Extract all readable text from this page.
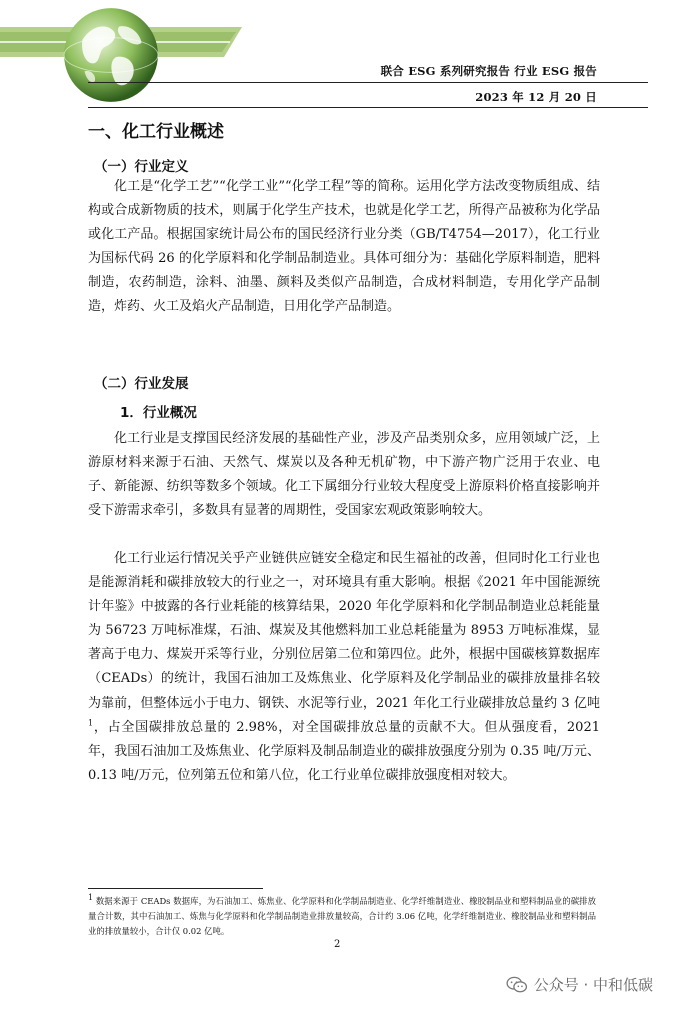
联合 ESG 系列研究报告 行业 ESG 报告
2023 年 12 月 20 日
一、化工行业概述
（一）行业定义

化工是“化学工艺”“化学工业”“化学工程”等的简称。运用化学方法改变物质组成、结构或合成新物质的技术，则属于化学生产技术，也就是化学工艺，所得产品被称为化学品或化工产品。根据国家统计局公布的国民经济行业分类（GB/T4754—2017），化工行业为国标代码 26 的化学原料和化学制品制造业。具体可细分为：基础化学原料制造，肥料制造，农药制造，涂料、油墨、颜料及类似产品制造，合成材料制造，专用化学产品制造，炸药、火工及焰火产品制造，日用化学产品制造。

（二）行业发展
1．行业概况

化工行业是支撑国民经济发展的基础性产业，涉及产品类别众多，应用领域广泛，上游原材料来源于石油、天然气、煤炭以及各种无机矿物，中下游产物广泛用于农业、电子、新能源、纺织等数多个领域。化工下属细分行业较大程度受上游原料价格直接影响并受下游需求牵引，多数具有显著的周期性，受国家宏观政策影响较大。

化工行业运行情况关乎产业链供应链安全稳定和民生福祉的改善，但同时化工行业也是能源消耗和碳排放较大的行业之一，对环境具有重大影响。根据《2021 年中国能源统计年鉴》中披露的各行业耗能的核算结果，2020 年化学原料和化学制品制造业总耗能量为 56723 万吨标准煤，石油、煤炭及其他燃料加工业总耗能量为 8953 万吨标准煤，显著高于电力、煤炭开采等行业，分别位居第二位和第四位。此外，根据中国碳核算数据库（CEADs）的统计，我国石油加工及炼焦业、化学原料及化学制品业的碳排放量排名较为靠前，但整体远小于电力、钢铁、水泥等行业，2021 年化工行业碳排放总量约 3 亿吨$^1$，占全国碳排放总量的 2.98%，对全国碳排放总量的贡献不大。但从强度看，2021 年，我国石油加工及炼焦业、化学原料及制品制造业的碳排放强度分别为 0.35 吨/万元、0.13 吨/万元，位列第五位和第八位，化工行业单位碳排放强度相对较大。

$^1$ 数据来源于 CEADs 数据库，为石油加工、炼焦业、化学原料和化学制品制造业、化学纤维制造业、橡胶制品业和塑料制品业的碳排放量合计数，其中石油加工、炼焦与化学原料和化学制品制造业排放量较高，合计约 3.06 亿吨，化学纤维制造业、橡胶制品业和塑料制品业的排放量较小，合计仅 0.02 亿吨。
2
公众号 · 中和低碳
